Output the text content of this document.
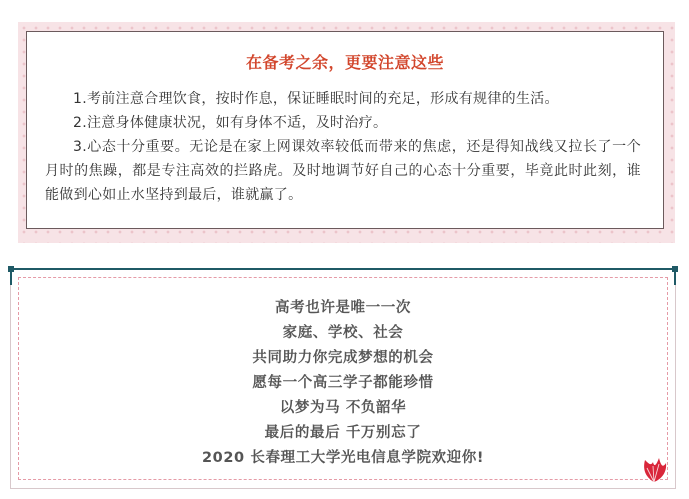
在备考之余，更要注意这些

1.考前注意合理饮食，按时作息，保证睡眠时间的充足，形成有规律的生活。

2.注意身体健康状况，如有身体不适，及时治疗。

3.心态十分重要。无论是在家上网课效率较低而带来的焦虑，还是得知战线又拉长了一个月时的焦躁，都是专注高效的拦路虎。及时地调节好自己的心态十分重要，毕竟此时此刻，谁能做到心如止水坚持到最后，谁就赢了。

高考也许是唯一一次

家庭、学校、社会

共同助力你完成梦想的机会

愿每一个高三学子都能珍惜

以梦为马 不负韶华

最后的最后 千万别忘了

2020 长春理工大学光电信息学院欢迎你!
